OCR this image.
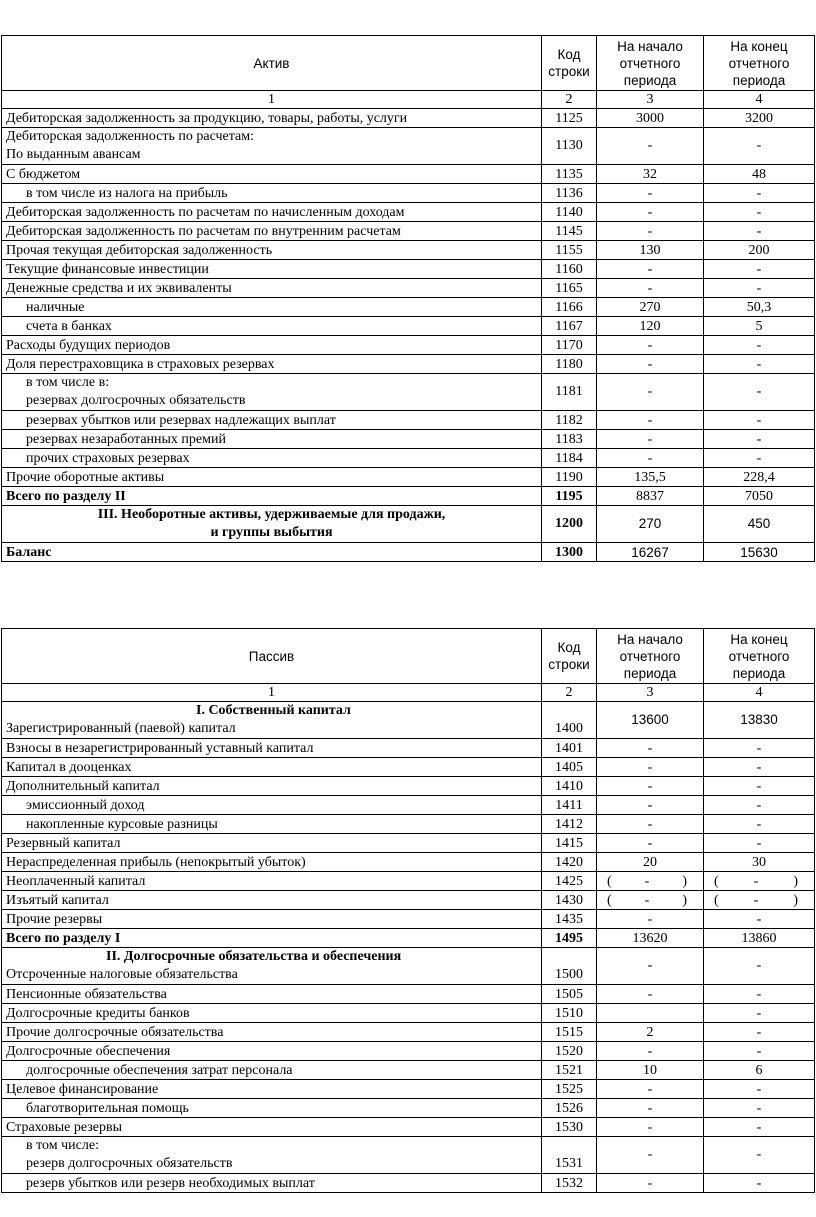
Актив	Код строки	На начало отчетного периода	На конец отчетного периода
1	2	3	4
Дебиторская задолженность за продукцию, товары, работы, услуги	1125	3000	3200
Дебиторская задолженность по расчетам:
По выданным авансам	1130	-	-
С бюджетом	1135	32	48
в том числе из налога на прибыль	1136	-	-
Дебиторская задолженность по расчетам по начисленным доходам	1140	-	-
Дебиторская задолженность по расчетам по внутренним расчетам	1145	-	-
Прочая текущая дебиторская задолженность	1155	130	200
Текущие финансовые инвестиции	1160	-	-
Денежные средства и их эквиваленты	1165	-	-
наличные	1166	270	50,3
счета в банках	1167	120	5
Расходы будущих периодов	1170	-	-
Доля перестраховщика в страховых резервах	1180	-	-
в том числе в:
резервах долгосрочных обязательств	1181	-	-
резервах убытков или резервах надлежащих выплат	1182	-	-
резервах незаработанных премий	1183	-	-
прочих страховых резервах	1184	-	-
Прочие оборотные активы	1190	135,5	228,4
Всего по разделу II	1195	8837	7050
III. Необоротные активы, удерживаемые для продажи,
и группы выбытия	1200	270	450
Баланс	1300	16267	15630
Пассив	Код строки	На начало отчетного периода	На конец отчетного периода
1	2	3	4

I. Собственный капитал
Зарегистрированный (паевой) капитал	1400	13600	13830
Взносы в незарегистрированный уставный капитал	1401	-	-
Капитал в дооценках	1405	-	-
Дополнительный капитал	1410	-	-
эмиссионный доход	1411	-	-
накопленные курсовые разницы	1412	-	-
Резервный капитал	1415	-	-
Нераспределенная прибыль (непокрытый убыток)	1420	20	30
Неоплаченный капитал	1425	( - )	( - )

Изъятый капитал	1430	( - )	( - )

Прочие резервы	1435	-	-
Всего по разделу I	1495	13620	13860

II. Долгосрочные обязательства и обеспечения
Отсроченные налоговые обязательства	1500	-	-
Пенсионные обязательства	1505	-	-
Долгосрочные кредиты банков	1510		-
Прочие долгосрочные обязательства	1515	2	-
Долгосрочные обеспечения	1520	-	-
долгосрочные обеспечения затрат персонала	1521	10	6
Целевое финансирование	1525	-	-
благотворительная помощь	1526	-	-
Страховые резервы	1530	-	-
в том числе:
резерв долгосрочных обязательств	1531	-	-
резерв убытков или резерв необходимых выплат	1532	-	-
